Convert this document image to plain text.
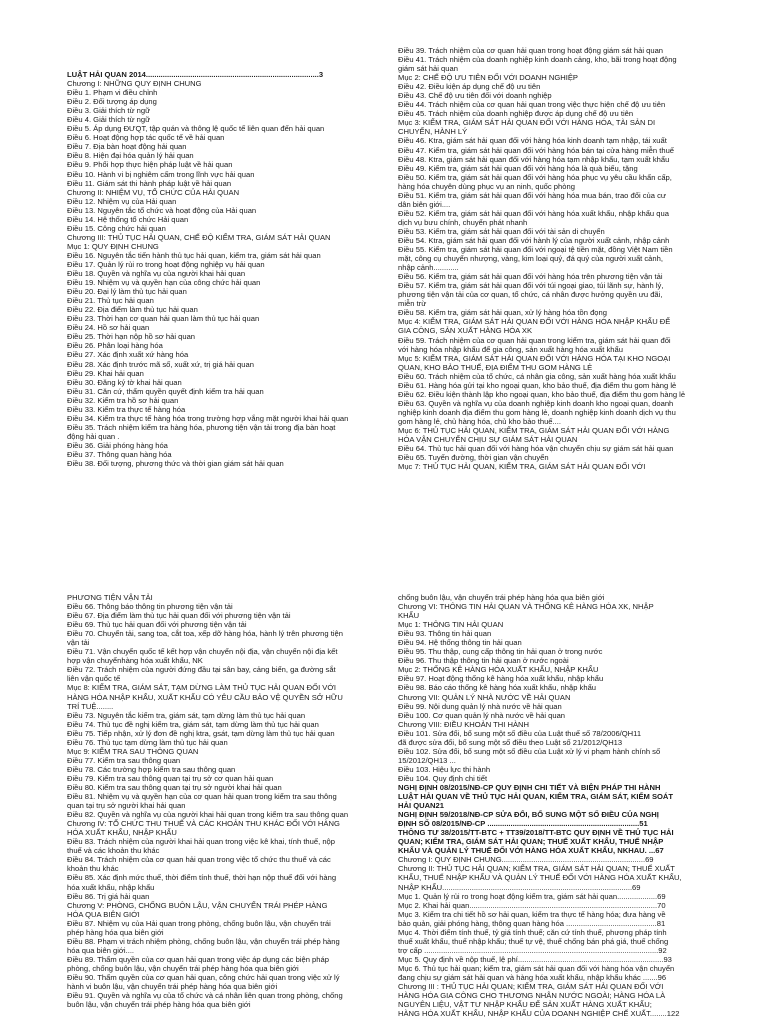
LUẬT HẢI QUAN 2014..................................................................................3
Chương I: NHỮNG QUY ĐỊNH CHUNG
Điều 1. Phạm vi điều chỉnh
Điều 2. Đối tượng áp dụng
Điều 3. Giải thích từ ngữ
Điều 4. Giải thích từ ngữ
Điều 5. Áp dụng ĐƯQT, tập quán và thông lệ quốc tế liên quan đến hải quan
Điều 6. Hoạt động hợp tác quốc tế về hải quan
Điều 7. Địa bàn hoạt động hải quan
Điều 8. Hiện đại hóa quản lý hải quan
Điều 9. Phổi hợp thực hiện pháp luật về hải quan
Điều 10. Hành vi bị nghiêm cấm trong lĩnh vực hải quan
Điều 11. Giám sát thi hành pháp luật về hải quan
Chương II: NHIỆM VỤ, TỔ CHỨC CỦA HẢI QUAN
Điều 12. Nhiệm vụ của Hải quan
Điều 13. Nguyên tắc tổ chức và hoạt động của Hải quan
Điều 14. Hệ thống tổ chức Hải quan
Điều 15. Công chức hải quan
Chương III: THỦ TỤC HẢI QUAN, CHẾ ĐỘ KIỂM TRA, GIÁM SÁT HẢI QUAN
Mục 1: QUY ĐỊNH CHUNG
Điều 16. Nguyên tắc tiến hành thủ tục hải quan, kiểm tra, giám sát hải quan
Điều 17. Quản lý rủi ro trong hoạt động nghiệp vụ hải quan
Điều 18. Quyền và nghĩa vụ của người khai hải quan
Điều 19. Nhiệm vụ và quyền hạn của công chức hải quan
Điều 20. Đại lý làm thủ tục hải quan
Điều 21. Thủ tục hải quan
Điều 22. Địa điểm làm thủ tục hải quan
Điều 23. Thời hạn cơ quan hải quan làm thủ tục hải quan
Điều 24. Hồ sơ hải quan
Điều 25. Thời hạn nộp hồ sơ hải quan
Điều 26. Phân loại hàng hóa
Điều 27. Xác định xuất xứ hàng hóa
Điều 28. Xác định trước mã số, xuất xứ, trị giá hải quan
Điều 29. Khai hải quan
Điều 30. Đăng ký tờ khai hải quan
Điều 31. Căn cứ, thẩm quyền quyết định kiểm tra hải quan
Điều 32. Kiểm tra hồ sơ hải quan
Điều 33. Kiểm tra thực tế hàng hóa
Điều 34. Kiểm tra thực tế hàng hóa trong trường hợp vắng mặt người khai hải quan
Điều 35. Trách nhiệm kiểm tra hàng hóa, phương tiện vận tải trong địa bàn hoạt
động hải quan .
Điều 36. Giải phóng hàng hóa
Điều 37. Thông quan hàng hóa
Điều 38. Đối tượng, phương thức và thời gian giám sát hải quan
Điều 39. Trách nhiệm của cơ quan hải quan trong hoạt động giám sát hải quan
Điều 41. Trách nhiệm của doanh nghiệp kinh doanh cảng, kho, bãi trong hoạt động
giám sát hải quan
Mục 2: CHẾ ĐỘ ƯU TIÊN ĐỐI VỚI DOANH NGHIỆP
Điều 42. Điều kiện áp dụng chế độ ưu tiên
Điều 43. Chế độ ưu tiên đối với doanh nghiệp
Điều 44. Trách nhiệm của cơ quan hải quan trong việc thực hiện chế độ ưu tiên
Điều 45. Trách nhiệm của doanh nghiệp được áp dụng chế độ ưu tiên
Mục 3: KIỂM TRA, GIÁM SÁT HẢI QUAN ĐỐI VỚI HÀNG HÓA, TÀI SẢN DI
CHUYỂN, HÀNH LÝ
Điều 46. Ktra, giám sát hải quan đối với hàng hóa kinh doanh tạm nhập, tái xuất
Điều 47. Kiểm tra, giám sát hải quan đối với hàng hóa bán tại cửa hàng miễn thuế
Điều 48. Ktra, giám sát hải quan đối với hàng hóa tạm nhập khẩu, tạm xuất khẩu
Điều 49. Kiểm tra, giám sát hải quan đối với hàng hóa là quà biếu, tặng
Điều 50. Kiểm tra, giám sát hải quan đối với hàng hóa phục vụ yêu cầu khẩn cấp,
hàng hóa chuyên dùng phục vụ an ninh, quốc phòng
Điều 51. Kiểm tra, giám sát hải quan đối với hàng hóa mua bán, trao đổi của cư
dân biên giới....
Điều 52. Kiểm tra, giám sát hải quan đối với hàng hóa xuất khẩu, nhập khẩu qua
dịch vụ bưu chính, chuyển phát nhanh
Điều 53. Kiểm tra, giám sát hải quan đối với tài sản di chuyển
Điều 54. Ktra, giám sát hải quan đối với hành lý của người xuất cảnh, nhập cảnh
Điều 55. Kiểm tra, giám sát hải quan đối với ngoại tệ tiền mặt, đồng Việt Nam tiền
mặt, công cụ chuyển nhượng, vàng, kim loại quý, đá quý của người xuất cảnh,
nhập cảnh............
Điều 56. Kiểm tra, giám sát hải quan đối với hàng hóa trên phương tiện vận tải
Điều 57. Kiểm tra, giám sát hải quan đối với túi ngoại giao, túi lãnh sự, hành lý,
phương tiện vận tải của cơ quan, tổ chức, cá nhân được hưởng quyền ưu đãi,
miễn trừ
Điều 58. Kiểm tra, giám sát hải quan, xử lý hàng hóa tồn đọng
Mục 4: KIỂM TRA, GIÁM SÁT HẢI QUAN ĐỐI VỚI HÀNG HÓA NHẬP KHẨU ĐỂ
GIA CÔNG, SẢN XUẤT HÀNG HÓA XK
Điều 59. Trách nhiệm của cơ quan hải quan trong kiểm tra, giám sát hải quan đối
với hàng hóa nhập khẩu để gia công, sản xuất hàng hóa xuất khẩu
Mục 5: KIỂM TRA, GIÁM SÁT HẢI QUAN ĐỐI VỚI HÀNG HÓA TẠI KHO NGOẠI
QUAN, KHO BẢO THUẾ, ĐỊA ĐIỂM THU GOM HÀNG LẺ
Điều 60. Trách nhiệm của tổ chức, cá nhân gia công, sản xuất hàng hóa xuất khẩu
Điều 61. Hàng hóa gửi tại kho ngoại quan, kho bảo thuế, địa điểm thu gom hàng lẻ
Điều 62. Điều kiện thành lập kho ngoại quan, kho bảo thuế, địa điểm thu gom hàng lẻ
Điều 63. Quyền và nghĩa vụ của doanh nghiệp kinh doanh kho ngoại quan, doanh
nghiệp kinh doanh địa điểm thu gom hàng lẻ, doanh nghiệp kinh doanh dịch vụ thu
gom hàng lẻ, chủ hàng hóa, chủ kho bảo thuế....
Mục 6: THỦ TỤC HẢI QUAN, KIỂM TRA, GIÁM SÁT HẢI QUAN ĐỐI VỚI HÀNG
HÓA VẬN CHUYỂN CHỊU SỰ GIÁM SÁT HẢI QUAN
Điều 64. Thủ tục hải quan đối với hàng hóa vận chuyển chịu sự giám sát hải quan
Điều 65. Tuyến đường, thời gian vận chuyển
Mục 7: THỦ TỤC HẢI QUAN, KIỂM TRA, GIÁM SÁT HẢI QUAN ĐỐI VỚI
PHƯƠNG TIỆN VẬN TẢI
Điều 66. Thông báo thông tin phương tiện vận tải
Điều 67. Địa điểm làm thủ tục hải quan đối với phương tiện vận tải
Điều 69. Thủ tục hải quan đối với phương tiện vận tải
Điều 70. Chuyển tải, sang toa, cắt toa, xếp dỡ hàng hóa, hành lý trên phương tiện
vận tải
Điều 71. Vận chuyển quốc tế kết hợp vận chuyển nội địa, vận chuyển nội địa kết
hợp vận chuyểnhàng hóa xuất khẩu, NK
Điều 72. Trách nhiệm của người đứng đầu tại sân bay, cảng biển, ga đường sắt
liên vận quốc tế
Mục 8: KIỂM TRA, GIÁM SÁT, TẠM DỪNG LÀM THỦ TỤC HẢI QUAN ĐỐI VỚI
HÀNG HÓA NHẬP KHẨU, XUẤT KHẨU CÓ YÊU CẦU BẢO VỆ QUYỀN SỞ HỮU
TRÍ TUỆ........
Điều 73. Nguyên tắc kiểm tra, giám sát, tạm dừng làm thủ tục hải quan
Điều 74. Thủ tục đề nghị kiểm tra, giám sát, tạm dừng làm thủ tục hải quan
Điều 75. Tiếp nhận, xử lý đơn đề nghị ktra, gsát, tạm dừng làm thủ tục hải quan
Điều 76. Thủ tục tạm dừng làm thủ tục hải quan
Mục 9: KIỂM TRA SAU THÔNG QUAN
Điều 77. Kiểm tra sau thông quan
Điều 78. Các trường hợp kiểm tra sau thông quan
Điều 79. Kiểm tra sau thông quan tại trụ sở cơ quan hải quan
Điều 80. Kiểm tra sau thông quan tại trụ sở người khai hải quan
Điều 81. Nhiệm vụ và quyền hạn của cơ quan hải quan trong kiểm tra sau thông
quan tại trụ sở người khai hải quan
Điều 82. Quyền và nghĩa vụ của người khai hải quan trong kiểm tra sau thông quan
Chương IV: TỔ CHỨC THU THUẾ VÀ CÁC KHOẢN THU KHÁC ĐỐI VỚI HÀNG
HÓA XUẤT KHẨU, NHẬP KHẨU
Điều 83. Trách nhiệm của người khai hải quan trong việc kê khai, tính thuế, nộp
thuế và các khoản thu khác
Điều 84. Trách nhiệm của cơ quan hải quan trong việc tổ chức thu thuế và các
khoản thu khác
Điều 85. Xác định mức thuế, thời điểm tính thuế, thời hạn nộp thuế đối với hàng
hóa xuất khẩu, nhập khẩu
Điều 86. Trị giá hải quan
Chương V: PHÒNG, CHỐNG BUÔN LẬU, VẬN CHUYỂN TRÁI PHÉP HÀNG
HÓA QUA BIÊN GIỚI
Điều 87. Nhiệm vụ của Hải quan trong phòng, chống buôn lậu, vận chuyển trái
phép hàng hóa qua biên giới
Điều 88. Phạm vi trách nhiệm phòng, chống buôn lậu, vận chuyển trái phép hàng
hóa qua biên giới....
Điều 89. Thẩm quyền của cơ quan hải quan trong việc áp dụng các biện pháp
phòng, chống buôn lậu, vận chuyển trái phép hàng hóa qua biên giới
Điều 90. Thẩm quyền của cơ quan hải quan, công chức hải quan trong việc xử lý
hành vi buôn lậu, vận chuyển trái phép hàng hóa qua biên giới
Điều 91. Quyền và nghĩa vụ của tổ chức và cá nhân liên quan trong phòng, chống
buôn lậu, vận chuyển trái phép hàng hóa qua biên giới
chống buôn lậu, vận chuyển trái phép hàng hóa qua biên giới
Chương VI: THÔNG TIN HẢI QUAN VÀ THỐNG KÊ HÀNG HÓA XK, NHẬP
KHẨU
Mục 1: THÔNG TIN HẢI QUAN
Điều 93. Thông tin hải quan
Điều 94. Hệ thống thông tin hải quan
Điều 95. Thu thập, cung cấp thông tin hải quan ở trong nước
Điều 96. Thu thập thông tin hải quan ở nước ngoài
Mục 2: THỐNG KÊ HÀNG HÓA XUẤT KHẨU, NHẬP KHẨU
Điều 97. Hoạt động thống kê hàng hóa xuất khẩu, nhập khẩu
Điều 98. Báo cáo thống kê hàng hóa xuất khẩu, nhập khẩu
Chương VII: QUẢN LÝ NHÀ NƯỚC VỀ HẢI QUAN
Điều 99. Nội dung quản lý nhà nước về hải quan
Điều 100. Cơ quan quản lý nhà nước về hải quan
Chương VIII: ĐIỀU KHOẢN THI HÀNH
Điều 101. Sửa đổi, bổ sung một số điều của Luật thuế số 78/2006/QH11
đã được sửa đổi, bổ sung một số điều theo Luật số 21/2012/QH13
Điều 102. Sửa đổi, bổ sung một số điều của Luật xử lý vi phạm hành chính số
15/2012/QH13 ...
Điều 103. Hiệu lực thi hành
Điều 104. Quy định chi tiết
NGHỊ ĐỊNH 08/2015/NĐ-CP QUY ĐỊNH CHI TIẾT VÀ BIỆN PHÁP THI HÀNH
LUẬT HẢI QUAN VỀ THỦ TỤC HẢI QUAN, KIỂM TRA, GIÁM SÁT, KIỂM SOÁT
HẢI QUAN21
NGHỊ ĐỊNH 59/2018/NĐ-CP SỬA ĐỔI, BỔ SUNG MỘT SỐ ĐIỀU CỦA NGHỊ
ĐỊNH SỐ 08/2015/NĐ-CP ........................................................................51
THÔNG TƯ 38/2015/TT-BTC + TT39/2018/TT-BTC QUY ĐỊNH VỀ THỦ TỤC HẢI
QUAN; KIỂM TRA, GIÁM SÁT HẢI QUAN; THUẾ XUẤT KHẨU, THUẾ NHẬP
KHẨU VÀ QUẢN LÝ THUẾ ĐỐI VỚI HÀNG HÓA XUẤT KHẨU, NKHAU. ...67
Chương I: QUY ĐỊNH CHUNG....................................................................69
Chương II: THỦ TỤC HẢI QUAN; KIỂM TRA, GIÁM SÁT HẢI QUAN; THUẾ XUẤT
KHẨU, THUẾ NHẬP KHẨU VÀ QUẢN LÝ THUẾ ĐỐI VỚI HÀNG HÓA XUẤT KHẨU,
NHẬP KHẨU..........................................................................................69
Mục 1. Quản lý rủi ro trong hoạt động kiểm tra, giám sát hải quan...................69
Mục 2. Khai hải quan.........................................................................................70
Mục 3. Kiểm tra chi tiết hồ sơ hải quan, kiểm tra thực tế hàng hóa; đưa hàng về
bảo quản, giải phóng hàng, thông quan hàng hóa ...........................................81
Mục 4. Thời điểm tính thuế, tỷ giá tính thuế; căn cứ tính thuế, phương pháp tính
thuế xuất khẩu, thuế nhập khẩu; thuế tự vệ, thuế chống bán phá giá, thuế chống
trợ cấp ...............................................................................................................92
Mục 5. Quy định về nộp thuế, lệ phí.....................................................................93
Mục 6. Thủ tục hải quan; kiểm tra, giám sát hải quan đối với hàng hóa vận chuyển
đang chịu sự giám sát hải quan và hàng hóa xuất khẩu, nhập khẩu khác .......96
Chương III : THỦ TỤC HẢI QUAN; KIỂM TRA, GIÁM SÁT HẢI QUAN ĐỐI VỚI
HÀNG HÓA GIA CÔNG CHO THƯƠNG NHÂN NƯỚC NGOÀI; HÀNG HÓA LÀ
NGUYÊN LIỆU, VẬT TƯ NHẬP KHẨU ĐỂ SẢN XUẤT HÀNG XUẤT KHẨU;
HÀNG HÓA XUẤT KHẨU, NHẬP KHẨU CỦA DOANH NGHIỆP CHẾ XUẤT........122
